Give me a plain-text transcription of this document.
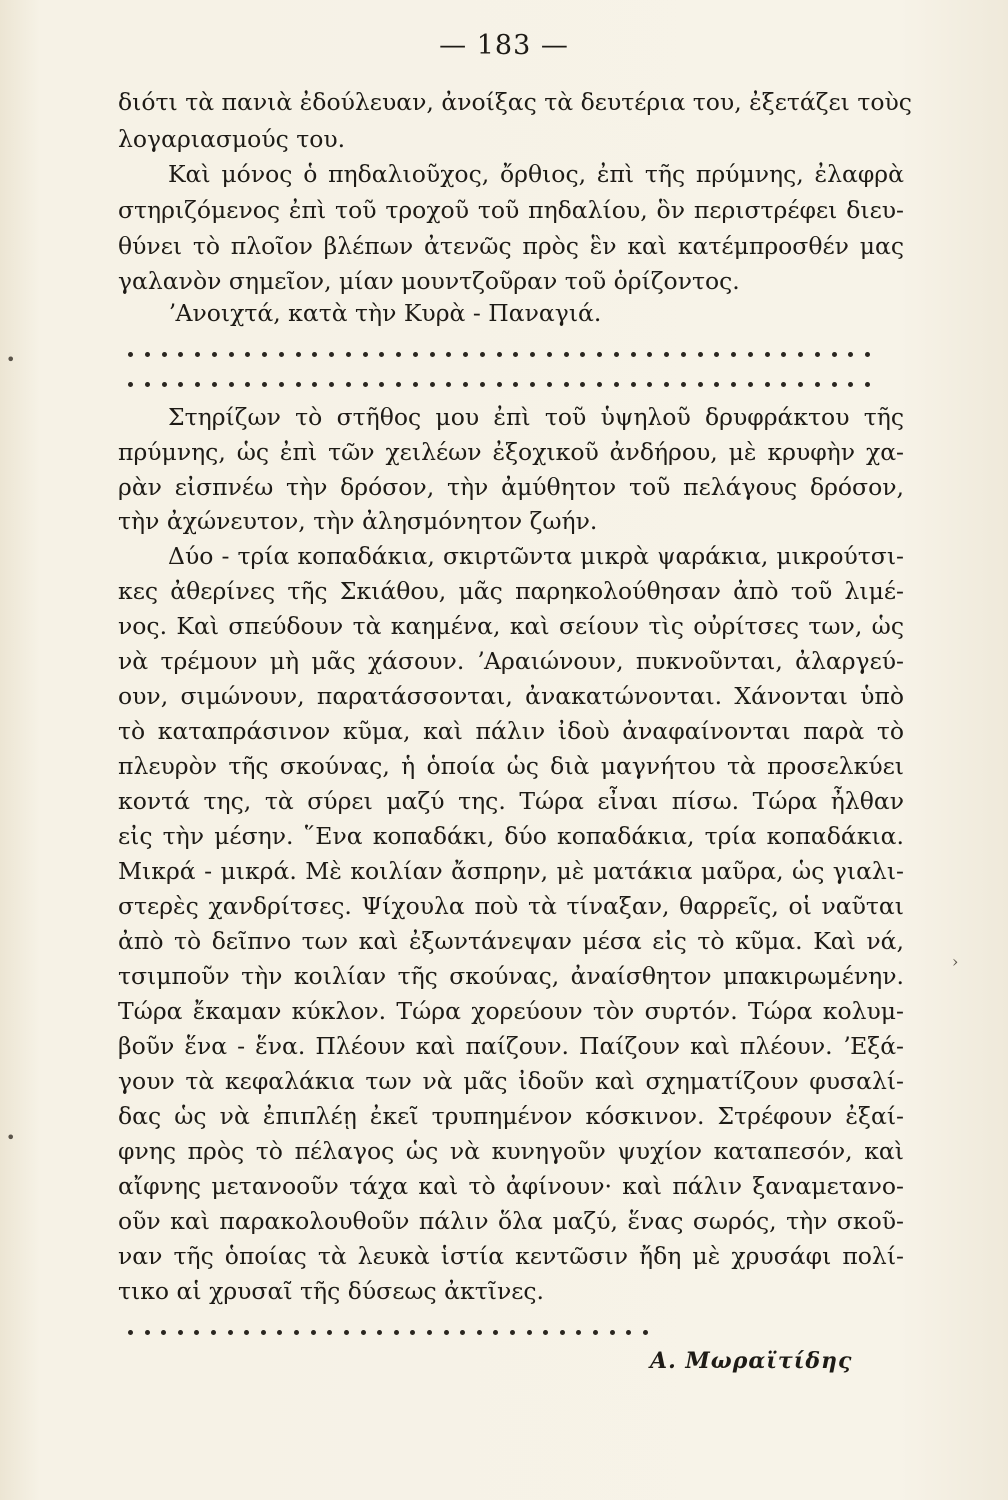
— 183 —
διότι τὰ πανιὰ ἐδούλευαν, ἀνοίξας τὰ δευτέρια του, ἐξετάζει τοὺς
λογαριασμούς του.
Καὶ μόνος ὁ πηδαλιοῦχος, ὄρθιος, ἐπὶ τῆς πρύμνης, ἐλαφρὰ
στηριζόμενος ἐπὶ τοῦ τροχοῦ τοῦ πηδαλίου, ὃν περιστρέφει διευ-
θύνει τὸ πλοῖον βλέπων ἀτενῶς πρὸς ἓν καὶ κατέμπροσθέν μας
γαλανὸν σημεῖον, μίαν μουντζοῦραν τοῦ ὁρίζοντος.
ʼΑνοιχτά, κατὰ τὴν Κυρὰ - Παναγιά.
Στηρίζων τὸ στῆθος μου ἐπὶ τοῦ ὑψηλοῦ δρυφράκτου τῆς
πρύμνης, ὡς ἐπὶ τῶν χειλέων ἐξοχικοῦ ἀνδήρου, μὲ κρυφὴν χα-
ρὰν εἰσπνέω τὴν δρόσον, τὴν ἀμύθητον τοῦ πελάγους δρόσον,
τὴν ἀχώνευτον, τὴν ἀλησμόνητον ζωήν.
Δύο - τρία κοπαδάκια, σκιρτῶντα μικρὰ ψαράκια, μικρούτσι-
κες ἀθερίνες τῆς Σκιάθου, μᾶς παρηκολούθησαν ἀπὸ τοῦ λιμέ-
νος. Καὶ σπεύδουν τὰ καημένα, καὶ σείουν τὶς οὐρίτσες των, ὡς
νὰ τρέμουν μὴ μᾶς χάσουν. ʼΑραιώνουν, πυκνοῦνται, ἀλαργεύ-
ουν, σιμώνουν, παρατάσσονται, ἀνακατώνονται. Χάνονται ὑπὸ
τὸ καταπράσινον κῦμα, καὶ πάλιν ἰδοὺ ἀναφαίνονται παρὰ τὸ
πλευρὸν τῆς σκούνας, ἡ ὁποία ὡς διὰ μαγνήτου τὰ προσελκύει
κοντά της, τὰ σύρει μαζύ της. Τώρα εἶναι πίσω. Τώρα ἦλθαν
εἰς τὴν μέσην. ῞Ενα κοπαδάκι, δύο κοπαδάκια, τρία κοπαδάκια.
Μικρά - μικρά. Μὲ κοιλίαν ἄσπρην, μὲ ματάκια μαῦρα, ὡς γιαλι-
στερὲς χανδρίτσες. Ψίχουλα ποὺ τὰ τίναξαν, θαρρεῖς, οἱ ναῦται
ἀπὸ τὸ δεῖπνο των καὶ ἐξωντάνεψαν μέσα εἰς τὸ κῦμα. Καὶ νά,
τσιμποῦν τὴν κοιλίαν τῆς σκούνας, ἀναίσθητον μπακιρωμένην.
Τώρα ἔκαμαν κύκλον. Τώρα χορεύουν τὸν συρτόν. Τώρα κολυμ-
βοῦν ἕνα - ἕνα. Πλέουν καὶ παίζουν. Παίζουν καὶ πλέουν. ʼΕξά-
γουν τὰ κεφαλάκια των νὰ μᾶς ἰδοῦν καὶ σχηματίζουν φυσαλί-
δας ὡς νὰ ἐπιπλέῃ ἐκεῖ τρυπημένον κόσκινον. Στρέφουν ἐξαί-
φνης πρὸς τὸ πέλαγος ὡς νὰ κυνηγοῦν ψυχίον καταπεσόν, καὶ
αἴφνης μετανοοῦν τάχα καὶ τὸ ἀφίνουν· καὶ πάλιν ξαναμετανο-
οῦν καὶ παρακολουθοῦν πάλιν ὅλα μαζύ, ἕνας σωρός, τὴν σκοῦ-
ναν τῆς ὁποίας τὰ λευκὰ ἱστία κεντῶσιν ἤδη μὲ χρυσάφι πολί-
τικο αἱ χρυσαῖ τῆς δύσεως ἀκτῖνες.
Α. Μωραϊτίδης
•
•
›
